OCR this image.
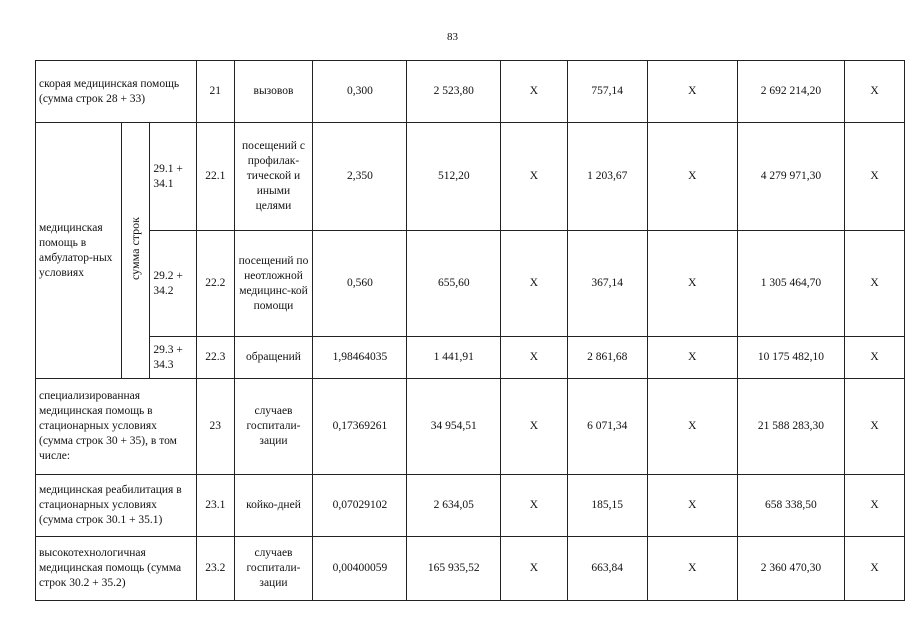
83
скорая медицинская помощь (сумма строк 28 + 33)			21	вызовов	0,300	2 523,80	X	757,14	X	2 692 214,20	X
медицинская помощь в амбулатор-ных условиях	сумма строк	29.1 + 34.1	22.1	посещений с профилак-тической и иными целями	2,350	512,20	X	1 203,67	X	4 279 971,30	X
		29.2 + 34.2	22.2	посещений по неотложной медицинс-кой помощи	0,560	655,60	X	367,14	X	1 305 464,70	X
		29.3 + 34.3	22.3	обращений	1,98464035	1 441,91	X	2 861,68	X	10 175 482,10	X
специализированная медицинская помощь в стационарных условиях (сумма строк 30 + 35), в том числе:			23	случаев госпитали-зации	0,17369261	34 954,51	X	6 071,34	X	21 588 283,30	X
медицинская реабилитация в стационарных условиях (сумма строк 30.1 + 35.1)			23.1	койко-дней	0,07029102	2 634,05	X	185,15	X	658 338,50	X
высокотехнологичная медицинская помощь (сумма строк 30.2 + 35.2)			23.2	случаев госпитали-зации	0,00400059	165 935,52	X	663,84	X	2 360 470,30	X
